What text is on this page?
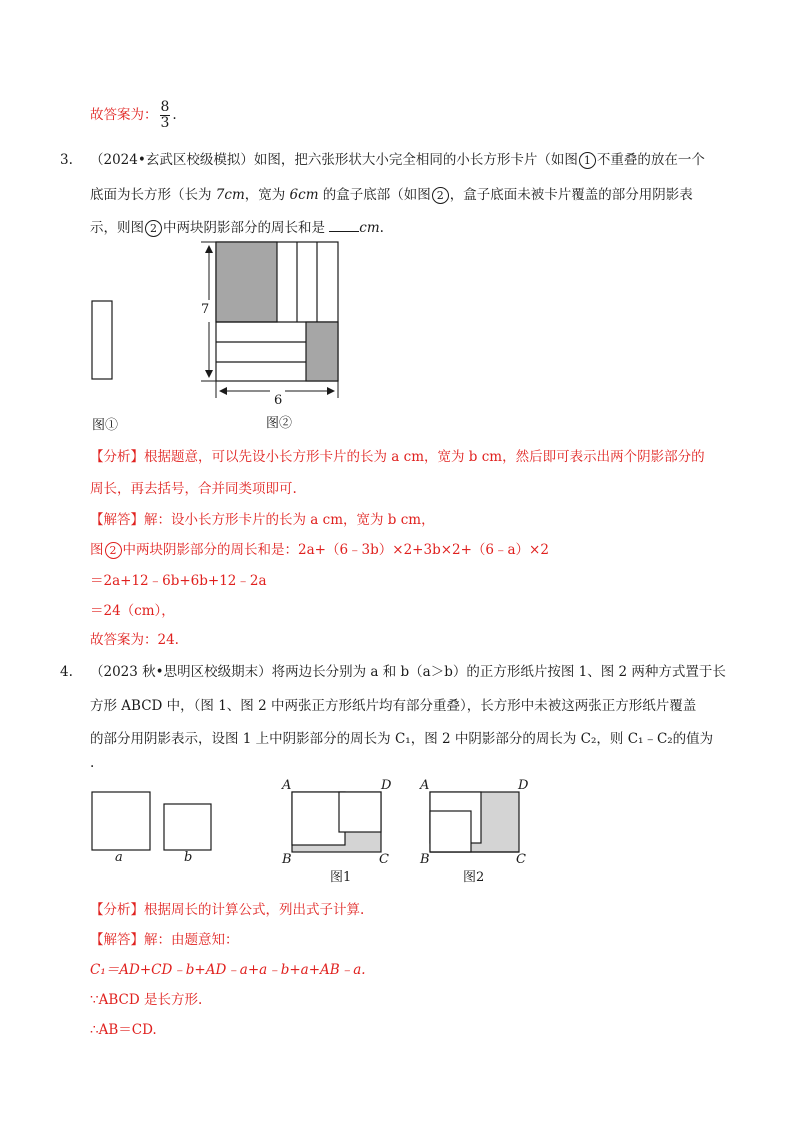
故答案为： $\frac{8}{3}$ .
3. （2024•玄武区校级模拟）如图，把六张形状大小完全相同的小长方形卡片（如图 1 不重叠的放在一个
底面为长方形（长为 7cm，宽为 6cm 的盒子底部（如图 2 ，盒子底面未被卡片覆盖的部分用阴影表
示，则图 2 中两块阴影部分的周长和是 cm.
7
6
图①	图②
【分析】根据题意，可以先设小长方形卡片的长为 a cm，宽为 b cm，然后即可表示出两个阴影部分的
周长，再去括号，合并同类项即可.
【解答】解：设小长方形卡片的长为 a cm，宽为 b cm，
图 2 中两块阴影部分的周长和是：2a+（6﹣3b）×2+3b×2+（6﹣a）×2
＝2a+12﹣6b+6b+12﹣2a
＝24（cm），
故答案为：24.
4. （2023 秋•思明区校级期末）将两边长分别为 a 和 b（a＞b）的正方形纸片按图 1、图 2 两种方式置于长
方形 ABCD 中，（图 1、图 2 中两张正方形纸片均有部分重叠），长方形中未被这两张正方形纸片覆盖
的部分用阴影表示，设图 1 上中阴影部分的周长为 C₁，图 2 中阴影部分的周长为 C₂，则 C₁﹣C₂的值为
.
a	b
A	D
B	C
A	D
B	C
图1	图2
【分析】根据周长的计算公式，列出式子计算.
【解答】解：由题意知：
C₁＝AD+CD﹣b+AD﹣a+a﹣b+a+AB﹣a.
∵ABCD 是长方形.
∴AB＝CD.
